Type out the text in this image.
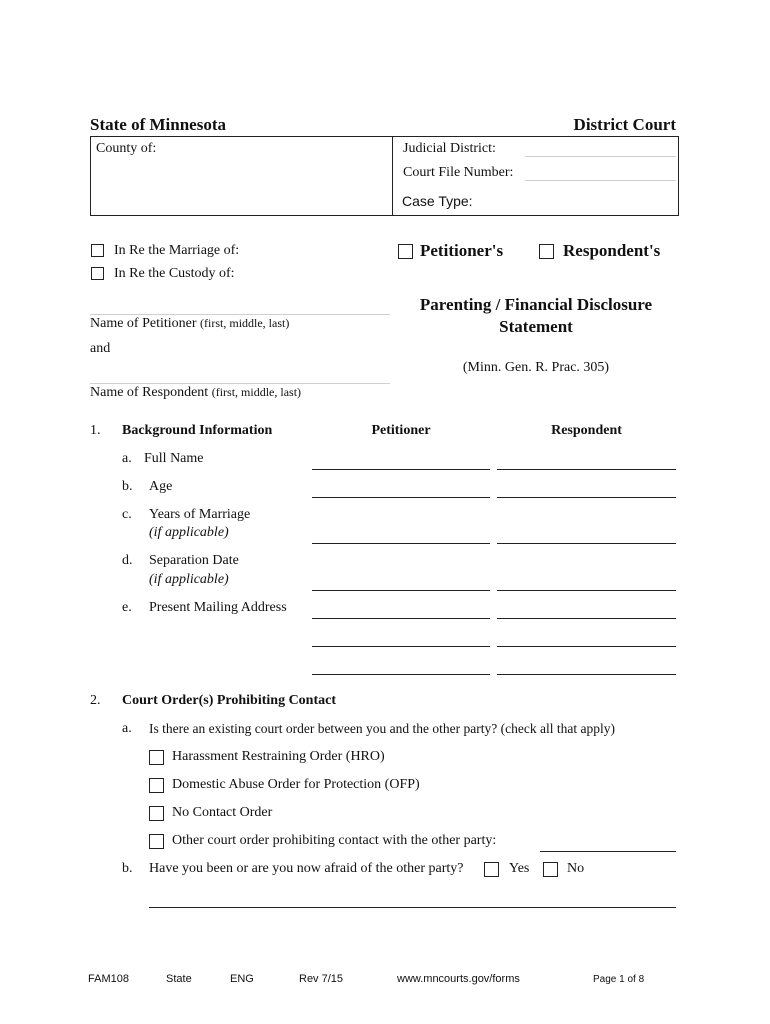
State of Minnesota	District Court
County of:	Judicial District:
Court File Number:
Case Type:
In Re the Marriage of:
In Re the Custody of:
Petitioner's	Respondent's
Name of Petitioner (first, middle, last)
and
Name of Respondent (first, middle, last)
Parenting / Financial Disclosure
Statement
(Minn. Gen. R. Prac. 305)
1. Background Information	Petitioner	Respondent
a. Full Name
b. Age
c. Years of Marriage
(if applicable)
d. Separation Date
(if applicable)
e. Present Mailing Address
2. Court Order(s) Prohibiting Contact
a. Is there an existing court order between you and the other party? (check all that apply)
Harassment Restraining Order (HRO)
Domestic Abuse Order for Protection (OFP)
No Contact Order
Other court order prohibiting contact with the other party:
b. Have you been or are you now afraid of the other party?	Yes	No
FAM108	State	ENG	Rev 7/15	www.mncourts.gov/forms	Page 1 of 8
